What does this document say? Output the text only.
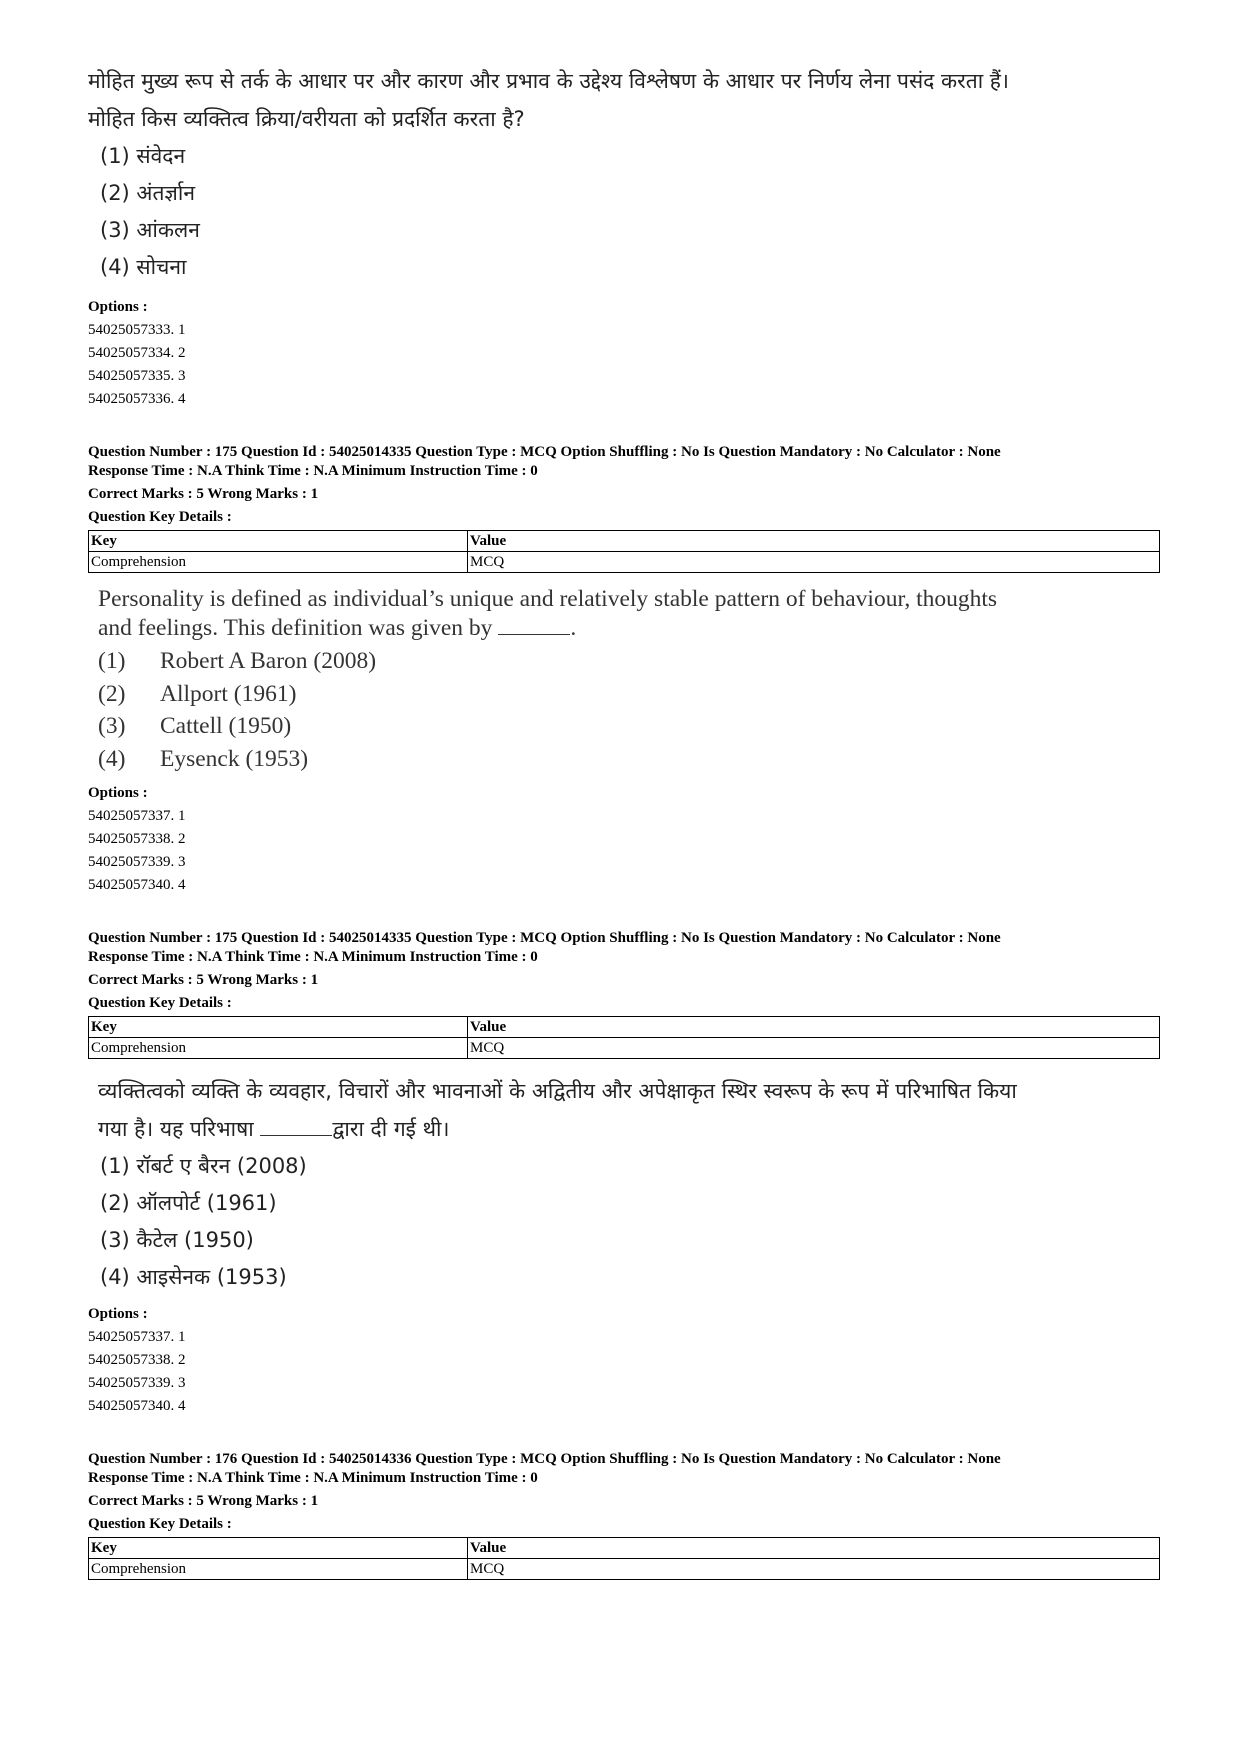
मोहित मुख्य रूप से तर्क के आधार पर और कारण और प्रभाव के उद्देश्य विश्लेषण के आधार पर निर्णय लेना पसंद करता हैं।
मोहित किस व्यक्तित्व क्रिया/वरीयता को प्रदर्शित करता है?
(1) संवेदन
(2) अंतर्ज्ञान
(3) आंकलन
(4) सोचना
Options :
54025057333. 1
54025057334. 2
54025057335. 3
54025057336. 4
Question Number : 175 Question Id : 54025014335 Question Type : MCQ Option Shuffling : No Is Question Mandatory : No Calculator : None
Response Time : N.A Think Time : N.A Minimum Instruction Time : 0
Correct Marks : 5 Wrong Marks : 1
Question Key Details :
Key	Value
Comprehension	MCQ
Personality is defined as individual’s unique and relatively stable pattern of behaviour, thoughts
and feelings. This definition was given by	.
(1) Robert A Baron (2008)
(2) Allport (1961)
(3) Cattell (1950)
(4) Eysenck (1953)
Options :
54025057337. 1
54025057338. 2
54025057339. 3
54025057340. 4
Question Number : 175 Question Id : 54025014335 Question Type : MCQ Option Shuffling : No Is Question Mandatory : No Calculator : None
Response Time : N.A Think Time : N.A Minimum Instruction Time : 0
Correct Marks : 5 Wrong Marks : 1
Question Key Details :
Key	Value
Comprehension	MCQ
व्यक्तित्वको व्यक्ति के व्यवहार, विचारों और भावनाओं के अद्वितीय और अपेक्षाकृत स्थिर स्वरूप के रूप में परिभाषित किया
गया है। यह परिभाषा	द्वारा दी गई थी।
(1) रॉबर्ट ए बैरन (2008)
(2) ऑलपोर्ट (1961)
(3) कैटेल (1950)
(4) आइसेनक (1953)
Options :
54025057337. 1
54025057338. 2
54025057339. 3
54025057340. 4
Question Number : 176 Question Id : 54025014336 Question Type : MCQ Option Shuffling : No Is Question Mandatory : No Calculator : None
Response Time : N.A Think Time : N.A Minimum Instruction Time : 0
Correct Marks : 5 Wrong Marks : 1
Question Key Details :
Key	Value
Comprehension	MCQ
